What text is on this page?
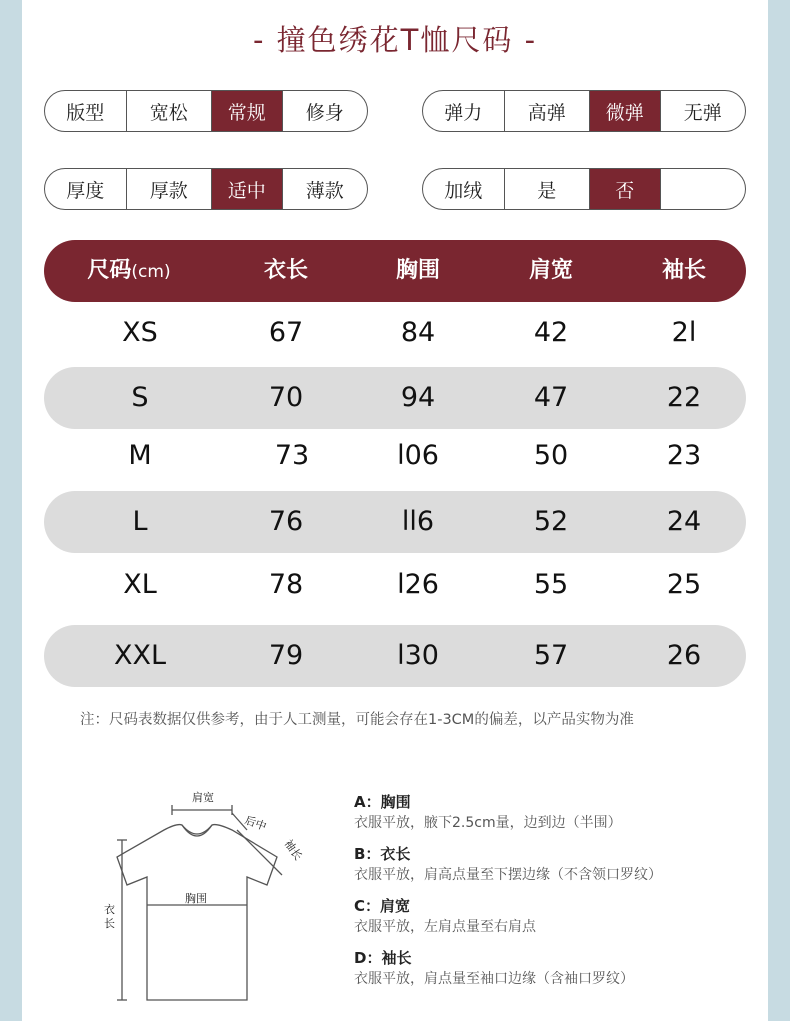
- 撞色绣花T恤尺码 -
版型	宽松	常规	修身	弹力	高弹	微弹	无弹
厚度	厚款	适中	薄款	加绒	是	否
尺码(cm)	衣长	胸围	肩宽	袖长
XS	67	84	42	2l
S	70	94	47	22
M	73	l06	50	23
L	76	ll6	52	24
XL	78	l26	55	25
XXL	79	l30	57	26
注：尺码表数据仅供参考，由于人工测量，可能会存在1-3CM的偏差，以产品实物为准
肩宽
后中
袖长
胸围
衣
长
A：胸围
衣服平放，腋下2.5cm量，边到边（半围）
B：衣长
衣服平放，肩高点量至下摆边缘（不含领口罗纹）
C：肩宽
衣服平放，左肩点量至右肩点
D：袖长
衣服平放，肩点量至袖口边缘（含袖口罗纹）
